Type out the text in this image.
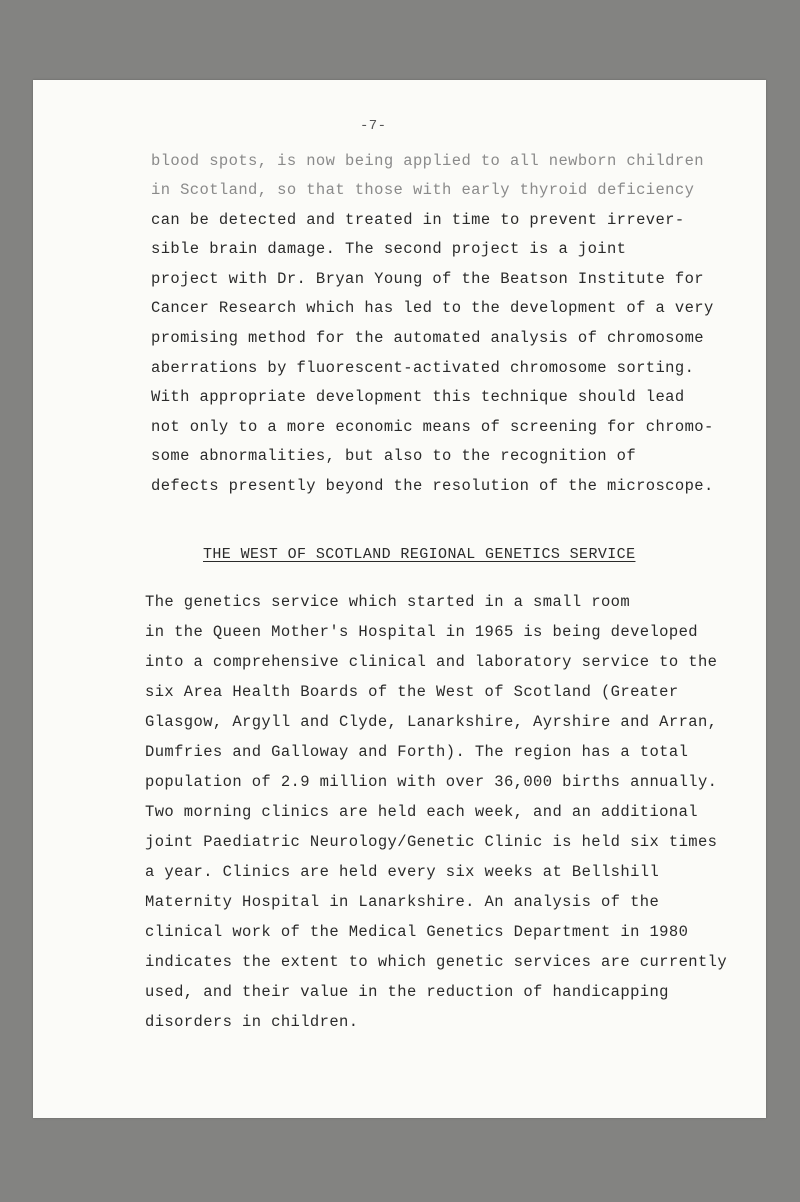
-7-
blood spots, is now being applied to all newborn children
in Scotland, so that those with early thyroid deficiency
can be detected and treated in time to prevent irrever-
sible brain damage. The second project is a joint
project with Dr. Bryan Young of the Beatson Institute for
Cancer Research which has led to the development of a very
promising method for the automated analysis of chromosome
aberrations by fluorescent-activated chromosome sorting.
With appropriate development this technique should lead
not only to a more economic means of screening for chromo-
some abnormalities, but also to the recognition of
defects presently beyond the resolution of the microscope.
THE WEST OF SCOTLAND REGIONAL GENETICS SERVICE
The genetics service which started in a small room
in the Queen Mother's Hospital in 1965 is being developed
into a comprehensive clinical and laboratory service to the
six Area Health Boards of the West of Scotland (Greater
Glasgow, Argyll and Clyde, Lanarkshire, Ayrshire and Arran,
Dumfries and Galloway and Forth). The region has a total
population of 2.9 million with over 36,000 births annually.
Two morning clinics are held each week, and an additional
joint Paediatric Neurology/Genetic Clinic is held six times
a year. Clinics are held every six weeks at Bellshill
Maternity Hospital in Lanarkshire. An analysis of the
clinical work of the Medical Genetics Department in 1980
indicates the extent to which genetic services are currently
used, and their value in the reduction of handicapping
disorders in children.
